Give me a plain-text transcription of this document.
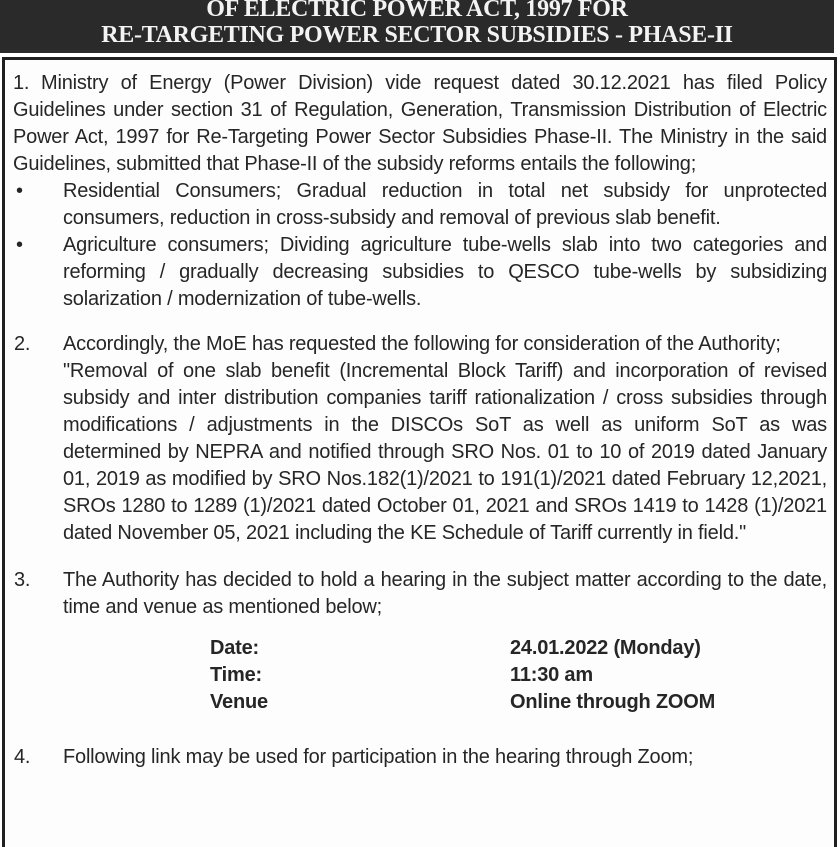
OF ELECTRIC POWER ACT, 1997 FOR
RE-TARGETING POWER SECTOR SUBSIDIES - PHASE-II

1. Ministry of Energy (Power Division) vide request dated 30.12.2021 has filed Policy Guidelines under section 31 of Regulation, Generation, Transmission Distribution of Electric Power Act, 1997 for Re-Targeting Power Sector Subsidies Phase-II. The Ministry in the said Guidelines, submitted that Phase-II of the subsidy reforms entails the following;

• Residential Consumers; Gradual reduction in total net subsidy for unprotected consumers, reduction in cross-subsidy and removal of previous slab benefit.
• Agriculture consumers; Dividing agriculture tube-wells slab into two categories and reforming / gradually decreasing subsidies to QESCO tube-wells by subsidizing solarization / modernization of tube-wells.
2. Accordingly, the MoE has requested the following for consideration of the Authority;
"Removal of one slab benefit (Incremental Block Tariff) and incorporation of revised subsidy and inter distribution companies tariff rationalization / cross subsidies through modifications / adjustments in the DISCOs SoT as well as uniform SoT as was determined by NEPRA and notified through SRO Nos. 01 to 10 of 2019 dated January 01, 2019 as modified by SRO Nos.182(1)/2021 to 191(1)/2021 dated February 12,2021, SROs 1280 to 1289 (1)/2021 dated October 01, 2021 and SROs 1419 to 1428 (1)/2021 dated November 05, 2021 including the KE Schedule of Tariff currently in field."
3. The Authority has decided to hold a hearing in the subject matter according to the date, time and venue as mentioned below;
Date:	24.01.2022 (Monday)
Time:	11:30 am
Venue	Online through ZOOM
4. Following link may be used for participation in the hearing through Zoom;
